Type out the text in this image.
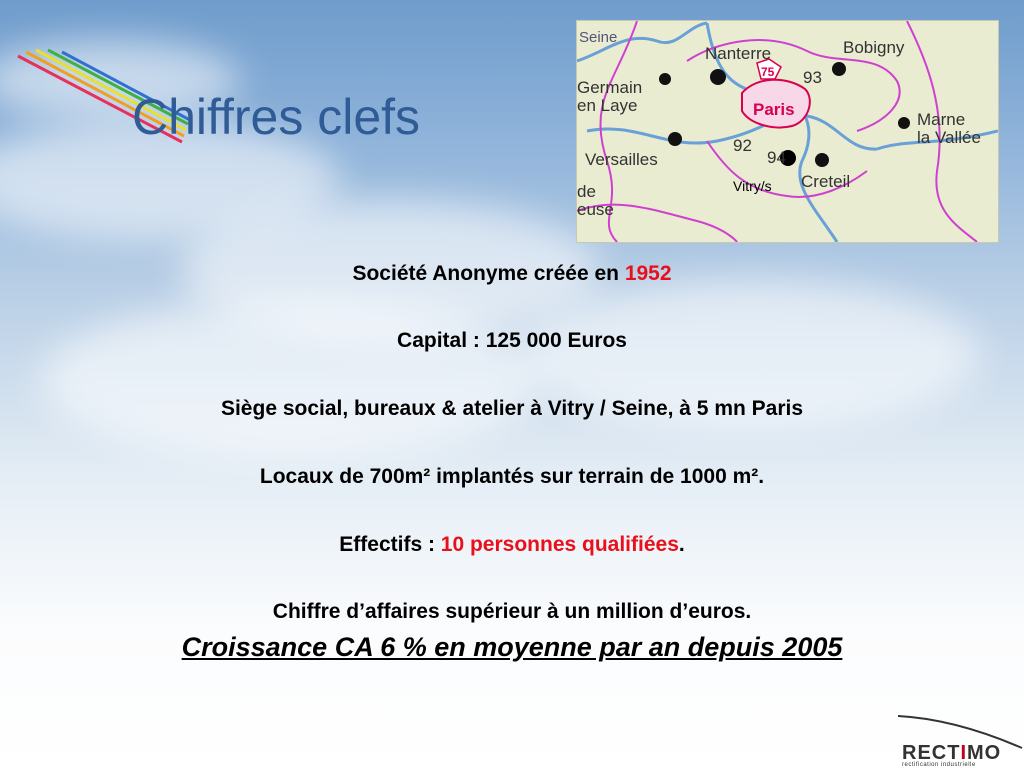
Chiffres clefs
Seine
Nanterre	Bobigny
Germain
en Laye
93
75
Paris
Marne
la Vallée
92
94
Versailles
Creteil
de
euse
Vitry/s
Société Anonyme créée en 1952
Capital : 125 000 Euros
Siège social, bureaux & atelier à Vitry / Seine, à 5 mn Paris
Locaux de 700m² implantés sur terrain de 1000 m².
Effectifs : 10 personnes qualifiées.
Chiffre d’affaires supérieur à un million d’euros.
Croissance CA 6 % en moyenne par an depuis 2005
RECTIMO
rectification industrielle
